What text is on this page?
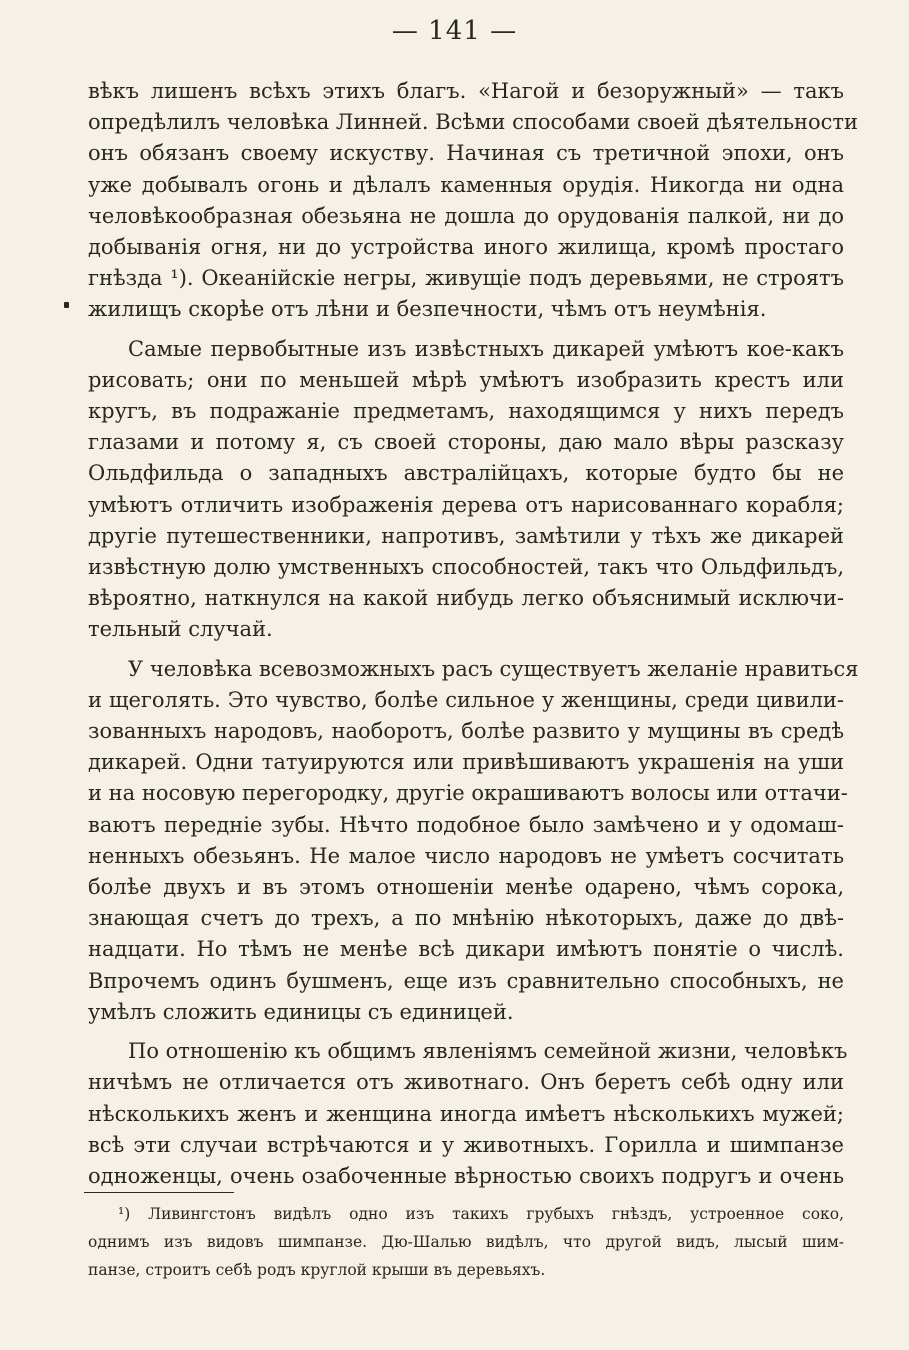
— 141 —
вѣкъ лишенъ всѣхъ этихъ благъ. «Нагой и безоружный» — такъ
опредѣлилъ человѣка Линней. Всѣми способами своей дѣятельности
онъ обязанъ своему искуству. Начиная съ третичной эпохи, онъ
уже добывалъ огонь и дѣлалъ каменныя орудія. Никогда ни одна
человѣкообразная обезьяна не дошла до орудованія палкой, ни до
добыванія огня, ни до устройства иного жилища, кромѣ простаго
гнѣзда ¹). Океанійскіе негры, живущіе подъ деревьями, не строятъ
жилищъ скорѣе отъ лѣни и безпечности, чѣмъ отъ неумѣнія.
Самые первобытные изъ извѣстныхъ дикарей умѣютъ кое-какъ
рисовать; они по меньшей мѣрѣ умѣютъ изобразить крестъ или
кругъ, въ подражаніе предметамъ, находящимся у нихъ передъ
глазами и потому я, съ своей стороны, даю мало вѣры разсказу
Ольдфильда о западныхъ австралійцахъ, которые будто бы не
умѣютъ отличить изображенія дерева отъ нарисованнаго корабля;
другіе путешественники, напротивъ, замѣтили у тѣхъ же дикарей
извѣстную долю умственныхъ способностей, такъ что Ольдфильдъ,
вѣроятно, наткнулся на какой нибудь легко объяснимый исключи-
тельный случай.
У человѣка всевозможныхъ расъ существуетъ желаніе нравиться
и щеголять. Это чувство, болѣе сильное у женщины, среди цивили-
зованныхъ народовъ, наоборотъ, болѣе развито у мущины въ средѣ
дикарей. Одни татуируются или привѣшиваютъ украшенія на уши
и на носовую перегородку, другіе окрашиваютъ волосы или оттачи-
ваютъ передніе зубы. Нѣчто подобное было замѣчено и у одомаш-
ненныхъ обезьянъ. Не малое число народовъ не умѣетъ сосчитать
болѣе двухъ и въ этомъ отношеніи менѣе одарено, чѣмъ сорока,
знающая счетъ до трехъ, а по мнѣнію нѣкоторыхъ, даже до двѣ-
надцати. Но тѣмъ не менѣе всѣ дикари имѣютъ понятіе о числѣ.
Впрочемъ одинъ бушменъ, еще изъ сравнительно способныхъ, не
умѣлъ сложить единицы съ единицей.
По отношенію къ общимъ явленіямъ семейной жизни, человѣкъ
ничѣмъ не отличается отъ животнаго. Онъ беретъ себѣ одну или
нѣсколькихъ женъ и женщина иногда имѣетъ нѣсколькихъ мужей;
всѣ эти случаи встрѣчаются и у животныхъ. Горилла и шимпанзе
одноженцы, очень озабоченные вѣрностью своихъ подругъ и очень
¹) Ливингстонъ видѣлъ одно изъ такихъ грубыхъ гнѣздъ, устроенное соко,
однимъ изъ видовъ шимпанзе. Дю-Шалью видѣлъ, что другой видъ, лысый шим-
панзе, строитъ себѣ родъ круглой крыши въ деревьяхъ.
